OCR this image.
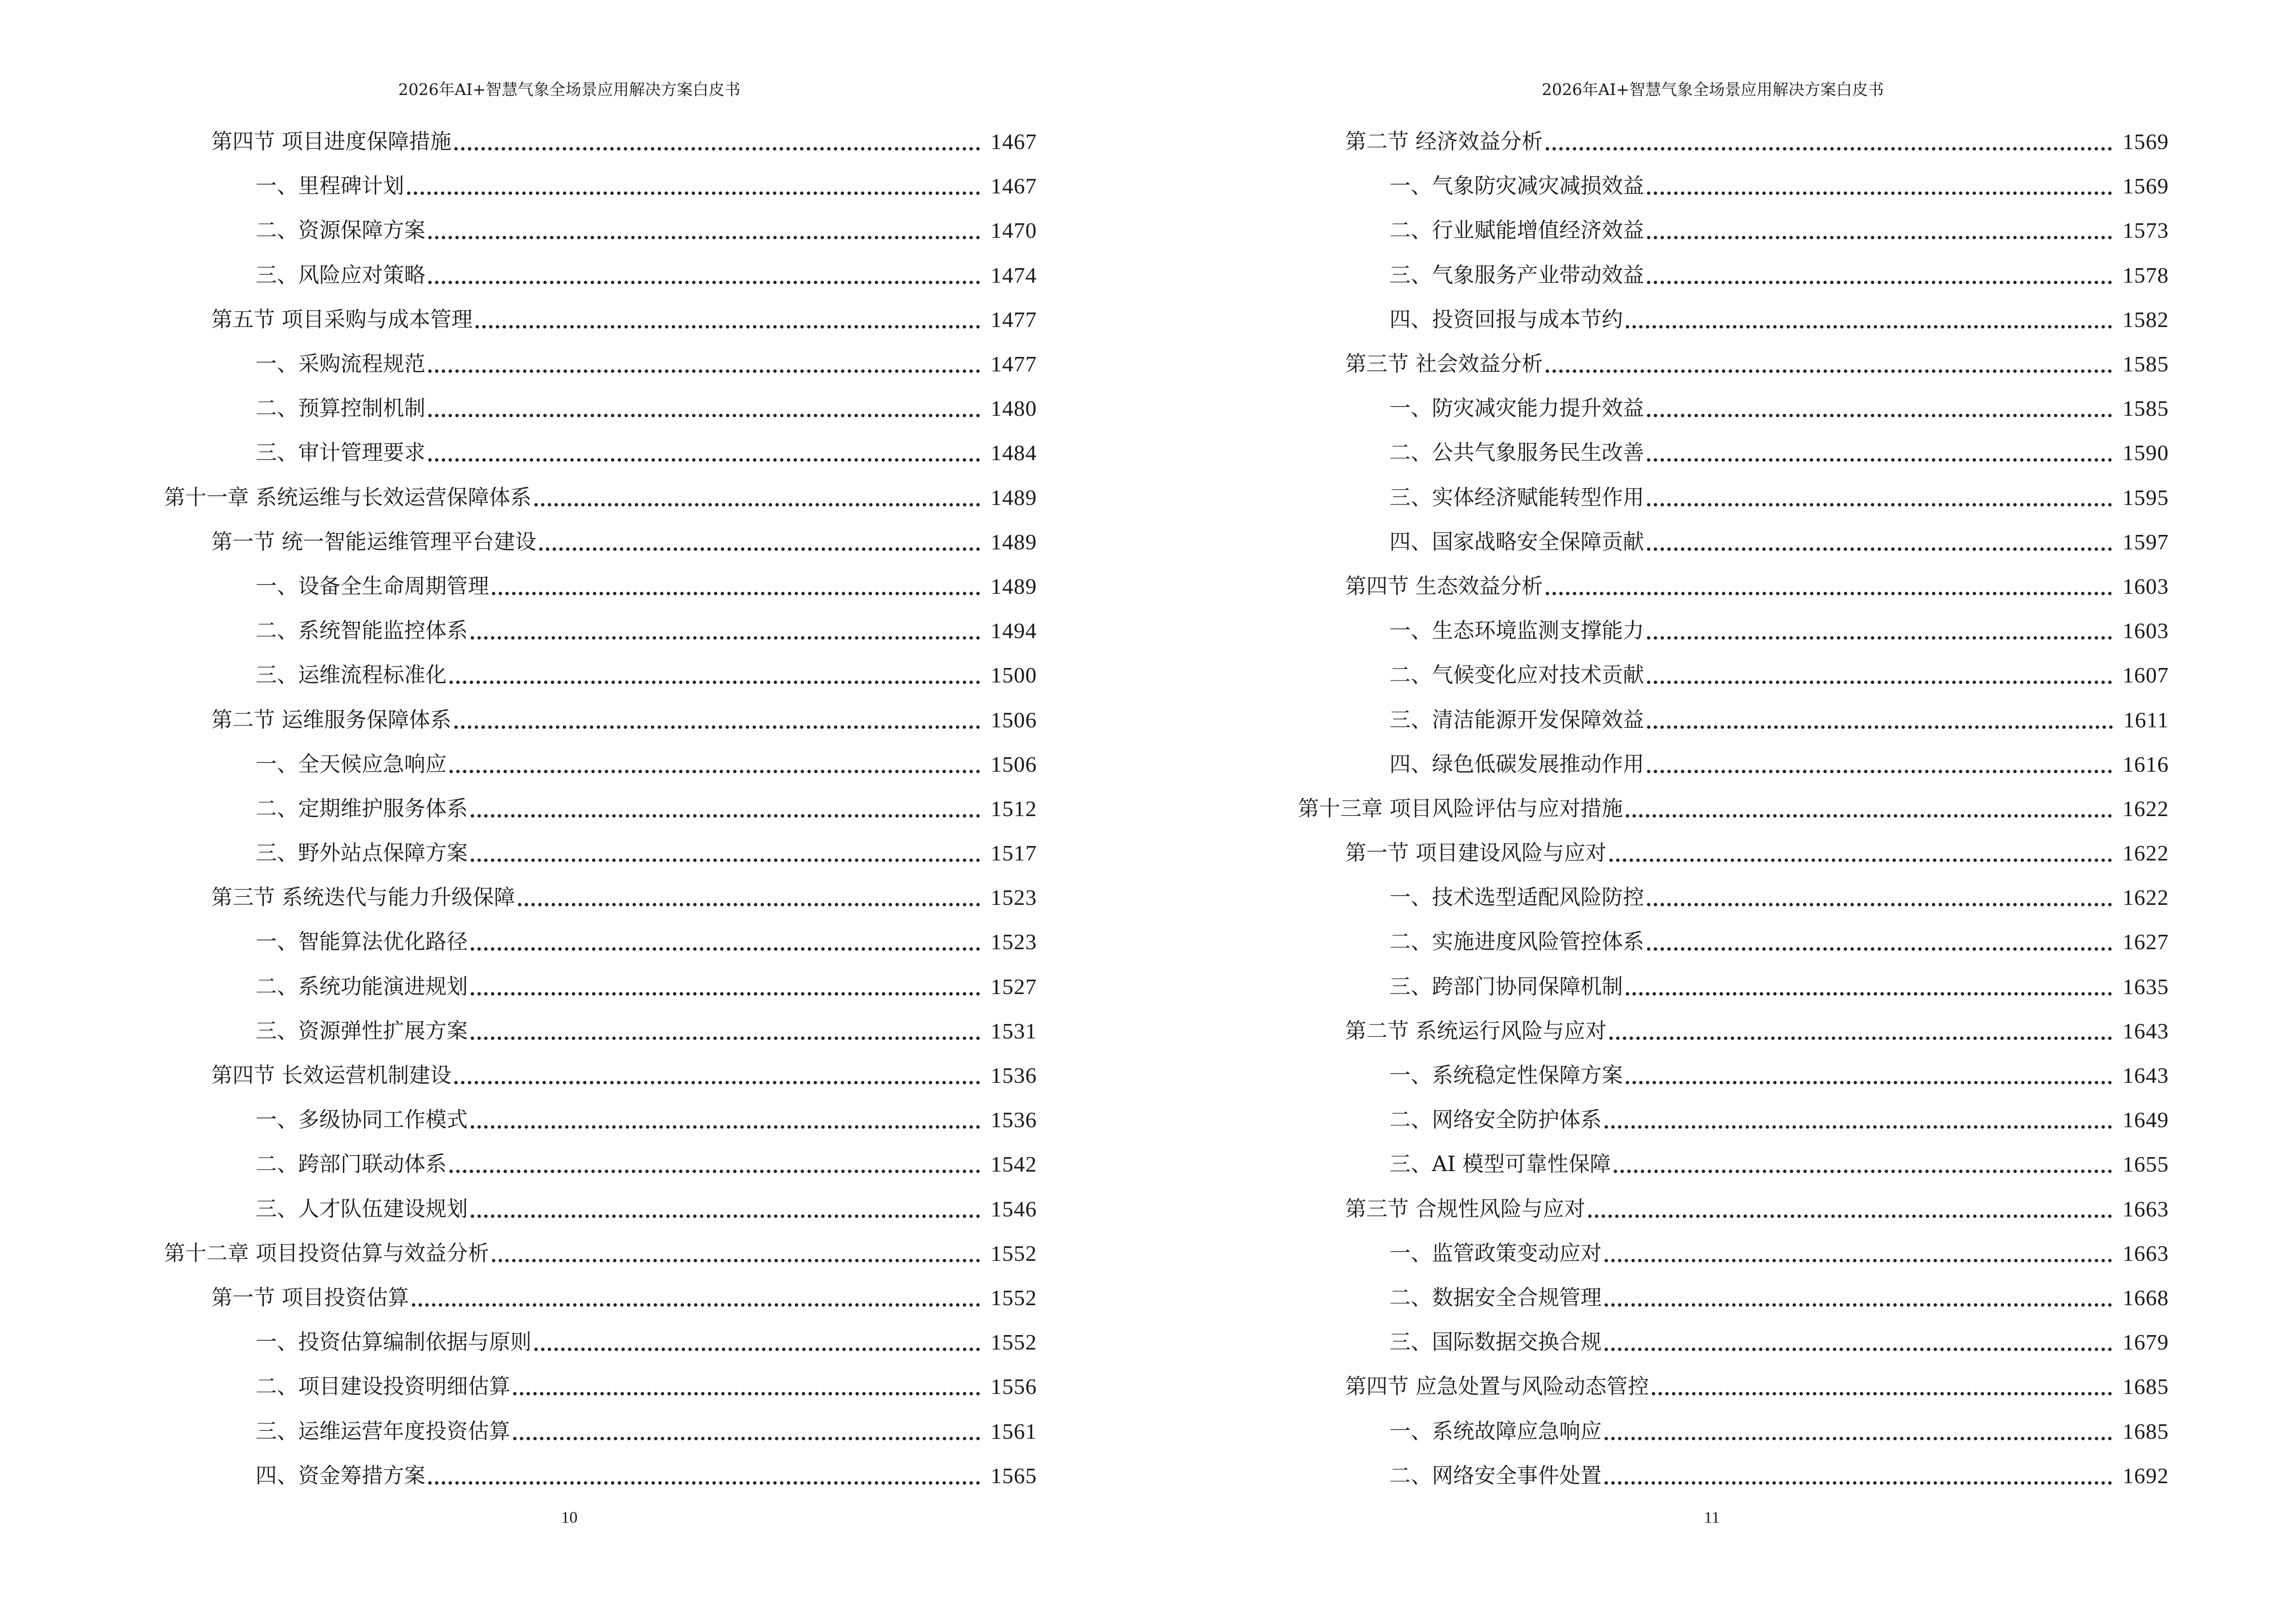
2026年AI+智慧气象全场景应用解决方案白皮书
第四节 项目进度保障措施	1467
一、里程碑计划	1467
二、资源保障方案	1470
三、风险应对策略	1474
第五节 项目采购与成本管理	1477
一、采购流程规范	1477
二、预算控制机制	1480
三、审计管理要求	1484
第十一章 系统运维与长效运营保障体系	1489
第一节 统一智能运维管理平台建设	1489
一、设备全生命周期管理	1489
二、系统智能监控体系	1494
三、运维流程标准化	1500
第二节 运维服务保障体系	1506
一、全天候应急响应	1506
二、定期维护服务体系	1512
三、野外站点保障方案	1517
第三节 系统迭代与能力升级保障	1523
一、智能算法优化路径	1523
二、系统功能演进规划	1527
三、资源弹性扩展方案	1531
第四节 长效运营机制建设	1536
一、多级协同工作模式	1536
二、跨部门联动体系	1542
三、人才队伍建设规划	1546
第十二章 项目投资估算与效益分析	1552
第一节 项目投资估算	1552
一、投资估算编制依据与原则	1552
二、项目建设投资明细估算	1556
三、运维运营年度投资估算	1561
四、资金筹措方案	1565
10
2026年AI+智慧气象全场景应用解决方案白皮书
第二节 经济效益分析	1569
一、气象防灾减灾减损效益	1569
二、行业赋能增值经济效益	1573
三、气象服务产业带动效益	1578
四、投资回报与成本节约	1582
第三节 社会效益分析	1585
一、防灾减灾能力提升效益	1585
二、公共气象服务民生改善	1590
三、实体经济赋能转型作用	1595
四、国家战略安全保障贡献	1597
第四节 生态效益分析	1603
一、生态环境监测支撑能力	1603
二、气候变化应对技术贡献	1607
三、清洁能源开发保障效益	1611
四、绿色低碳发展推动作用	1616
第十三章 项目风险评估与应对措施	1622
第一节 项目建设风险与应对	1622
一、技术选型适配风险防控	1622
二、实施进度风险管控体系	1627
三、跨部门协同保障机制	1635
第二节 系统运行风险与应对	1643
一、系统稳定性保障方案	1643
二、网络安全防护体系	1649
三、AI 模型可靠性保障	1655
第三节 合规性风险与应对	1663
一、监管政策变动应对	1663
二、数据安全合规管理	1668
三、国际数据交换合规	1679
第四节 应急处置与风险动态管控	1685
一、系统故障应急响应	1685
二、网络安全事件处置	1692
11
